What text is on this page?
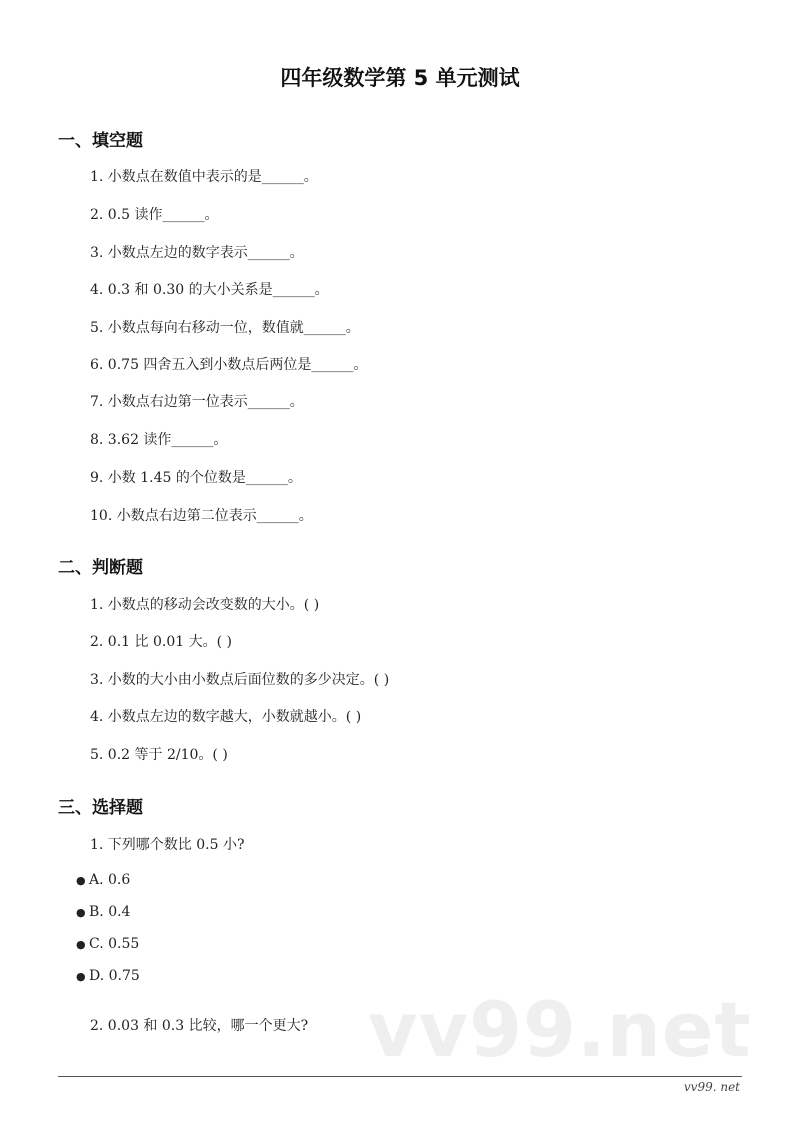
四年级数学第 5 单元测试
一、填空题
1. 小数点在数值中表示的是______。
2. 0.5 读作______。
3. 小数点左边的数字表示______。
4. 0.3 和 0.30 的大小关系是______。
5. 小数点每向右移动一位，数值就______。
6. 0.75 四舍五入到小数点后两位是______。
7. 小数点右边第一位表示______。
8. 3.62 读作______。
9. 小数 1.45 的个位数是______。
10. 小数点右边第二位表示______。
二、判断题
1. 小数点的移动会改变数的大小。( )
2. 0.1 比 0.01 大。( )
3. 小数的大小由小数点后面位数的多少决定。( )
4. 小数点左边的数字越大，小数就越小。( )
5. 0.2 等于 2/10。( )
三、选择题
1. 下列哪个数比 0.5 小?
● A. 0.6
● B. 0.4
● C. 0.55
● D. 0.75
vv99.net
2. 0.03 和 0.3 比较，哪一个更大?
vv99. net
